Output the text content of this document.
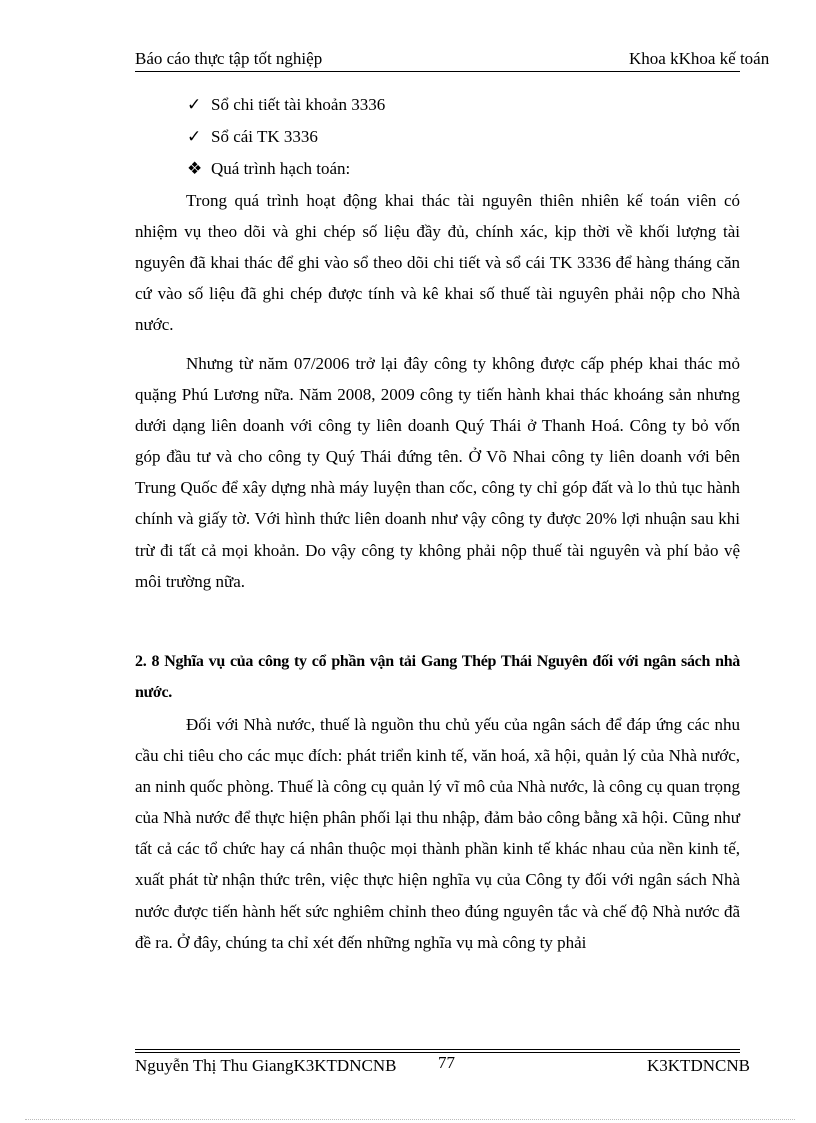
Báo cáo thực tập tốt nghiệp	Khoa kKhoa kế toán
✓ Sổ chi tiết tài khoản 3336
✓ Sổ cái TK 3336
❖ Quá trình hạch toán:

Trong quá trình hoạt động khai thác tài nguyên thiên nhiên kế toán viên có nhiệm vụ theo dõi và ghi chép số liệu đầy đủ, chính xác, kịp thời về khối lượng tài nguyên đã khai thác để ghi vào sổ theo dõi chi tiết và sổ cái TK 3336 để hàng tháng căn cứ vào số liệu đã ghi chép được tính và kê khai số thuế tài nguyên phải nộp cho Nhà nước.

Nhưng từ năm 07/2006 trở lại đây công ty không được cấp phép khai thác mỏ quặng Phú Lương nữa. Năm 2008, 2009 công ty tiến hành khai thác khoáng sản nhưng dưới dạng liên doanh với công ty liên doanh Quý Thái ở Thanh Hoá. Công ty bỏ vốn góp đầu tư và cho công ty Quý Thái đứng tên. Ở Võ Nhai công ty liên doanh với bên Trung Quốc để xây dựng nhà máy luyện than cốc, công ty chỉ góp đất và lo thủ tục hành chính và giấy tờ. Với hình thức liên doanh như vậy công ty được 20% lợi nhuận sau khi trừ đi tất cả mọi khoản. Do vậy công ty không phải nộp thuế tài nguyên và phí bảo vệ môi trường nữa.

2. 8 Nghĩa vụ của công ty cổ phần vận tải Gang Thép Thái Nguyên đối với ngân sách nhà nước.

Đối với Nhà nước, thuế là nguồn thu chủ yếu của ngân sách để đáp ứng các nhu cầu chi tiêu cho các mục đích: phát triển kinh tế, văn hoá, xã hội, quản lý của Nhà nước, an ninh quốc phòng. Thuế là công cụ quản lý vĩ mô của Nhà nước, là công cụ quan trọng của Nhà nước để thực hiện phân phối lại thu nhập, đảm bảo công bằng xã hội. Cũng như tất cả các tổ chức hay cá nhân thuộc mọi thành phần kinh tế khác nhau của nền kinh tế, xuất phát từ nhận thức trên, việc thực hiện nghĩa vụ của Công ty đối với ngân sách Nhà nước được tiến hành hết sức nghiêm chỉnh theo đúng nguyên tắc và chế độ Nhà nước đã đề ra. Ở đây, chúng ta chỉ xét đến những nghĩa vụ mà công ty phải

Nguyễn Thị Thu GiangK3KTDNCNB 77	K3KTDNCNB
